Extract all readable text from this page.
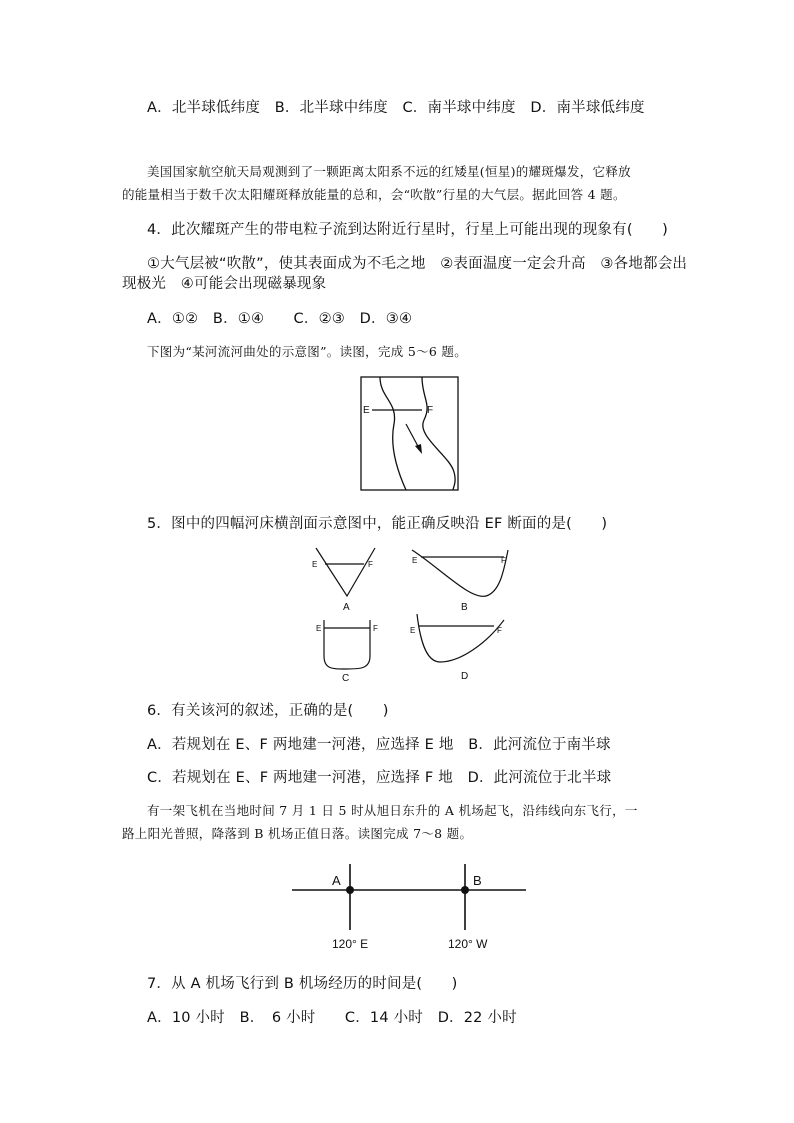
A．北半球低纬度　B．北半球中纬度　C．南半球中纬度　D．南半球低纬度
美国国家航空航天局观测到了一颗距离太阳系不远的红矮星(恒星)的耀斑爆发，它释放
的能量相当于数千次太阳耀斑释放能量的总和，会“吹散”行星的大气层。据此回答 4 题。
4．此次耀斑产生的带电粒子流到达附近行星时，行星上可能出现的现象有(　　)
①大气层被“吹散”，使其表面成为不毛之地　②表面温度一定会升高　③各地都会出
现极光　④可能会出现磁暴现象
A．①②　B．①④　　C．②③　D．③④
下图为“某河流河曲处的示意图”。读图，完成 5～6 题。
E	F
5．图中的四幅河床横剖面示意图中，能正确反映沿 EF 断面的是(　　)
E	F
A
E	F
B
E	F
C
E	F
D
6．有关该河的叙述，正确的是(　　)
A．若规划在 E、F 两地建一河港，应选择 E 地　B．此河流位于南半球
C．若规划在 E、F 两地建一河港，应选择 F 地　D．此河流位于北半球
有一架飞机在当地时间 7 月 1 日 5 时从旭日东升的 A 机场起飞，沿纬线向东飞行，一
路上阳光普照，降落到 B 机场正值日落。读图完成 7～8 题。
A	B
120° E	120° W
7．从 A 机场飞行到 B 机场经历的时间是(　　)
A．10 小时　B．　6 小时　　C．14 小时　D．22 小时
